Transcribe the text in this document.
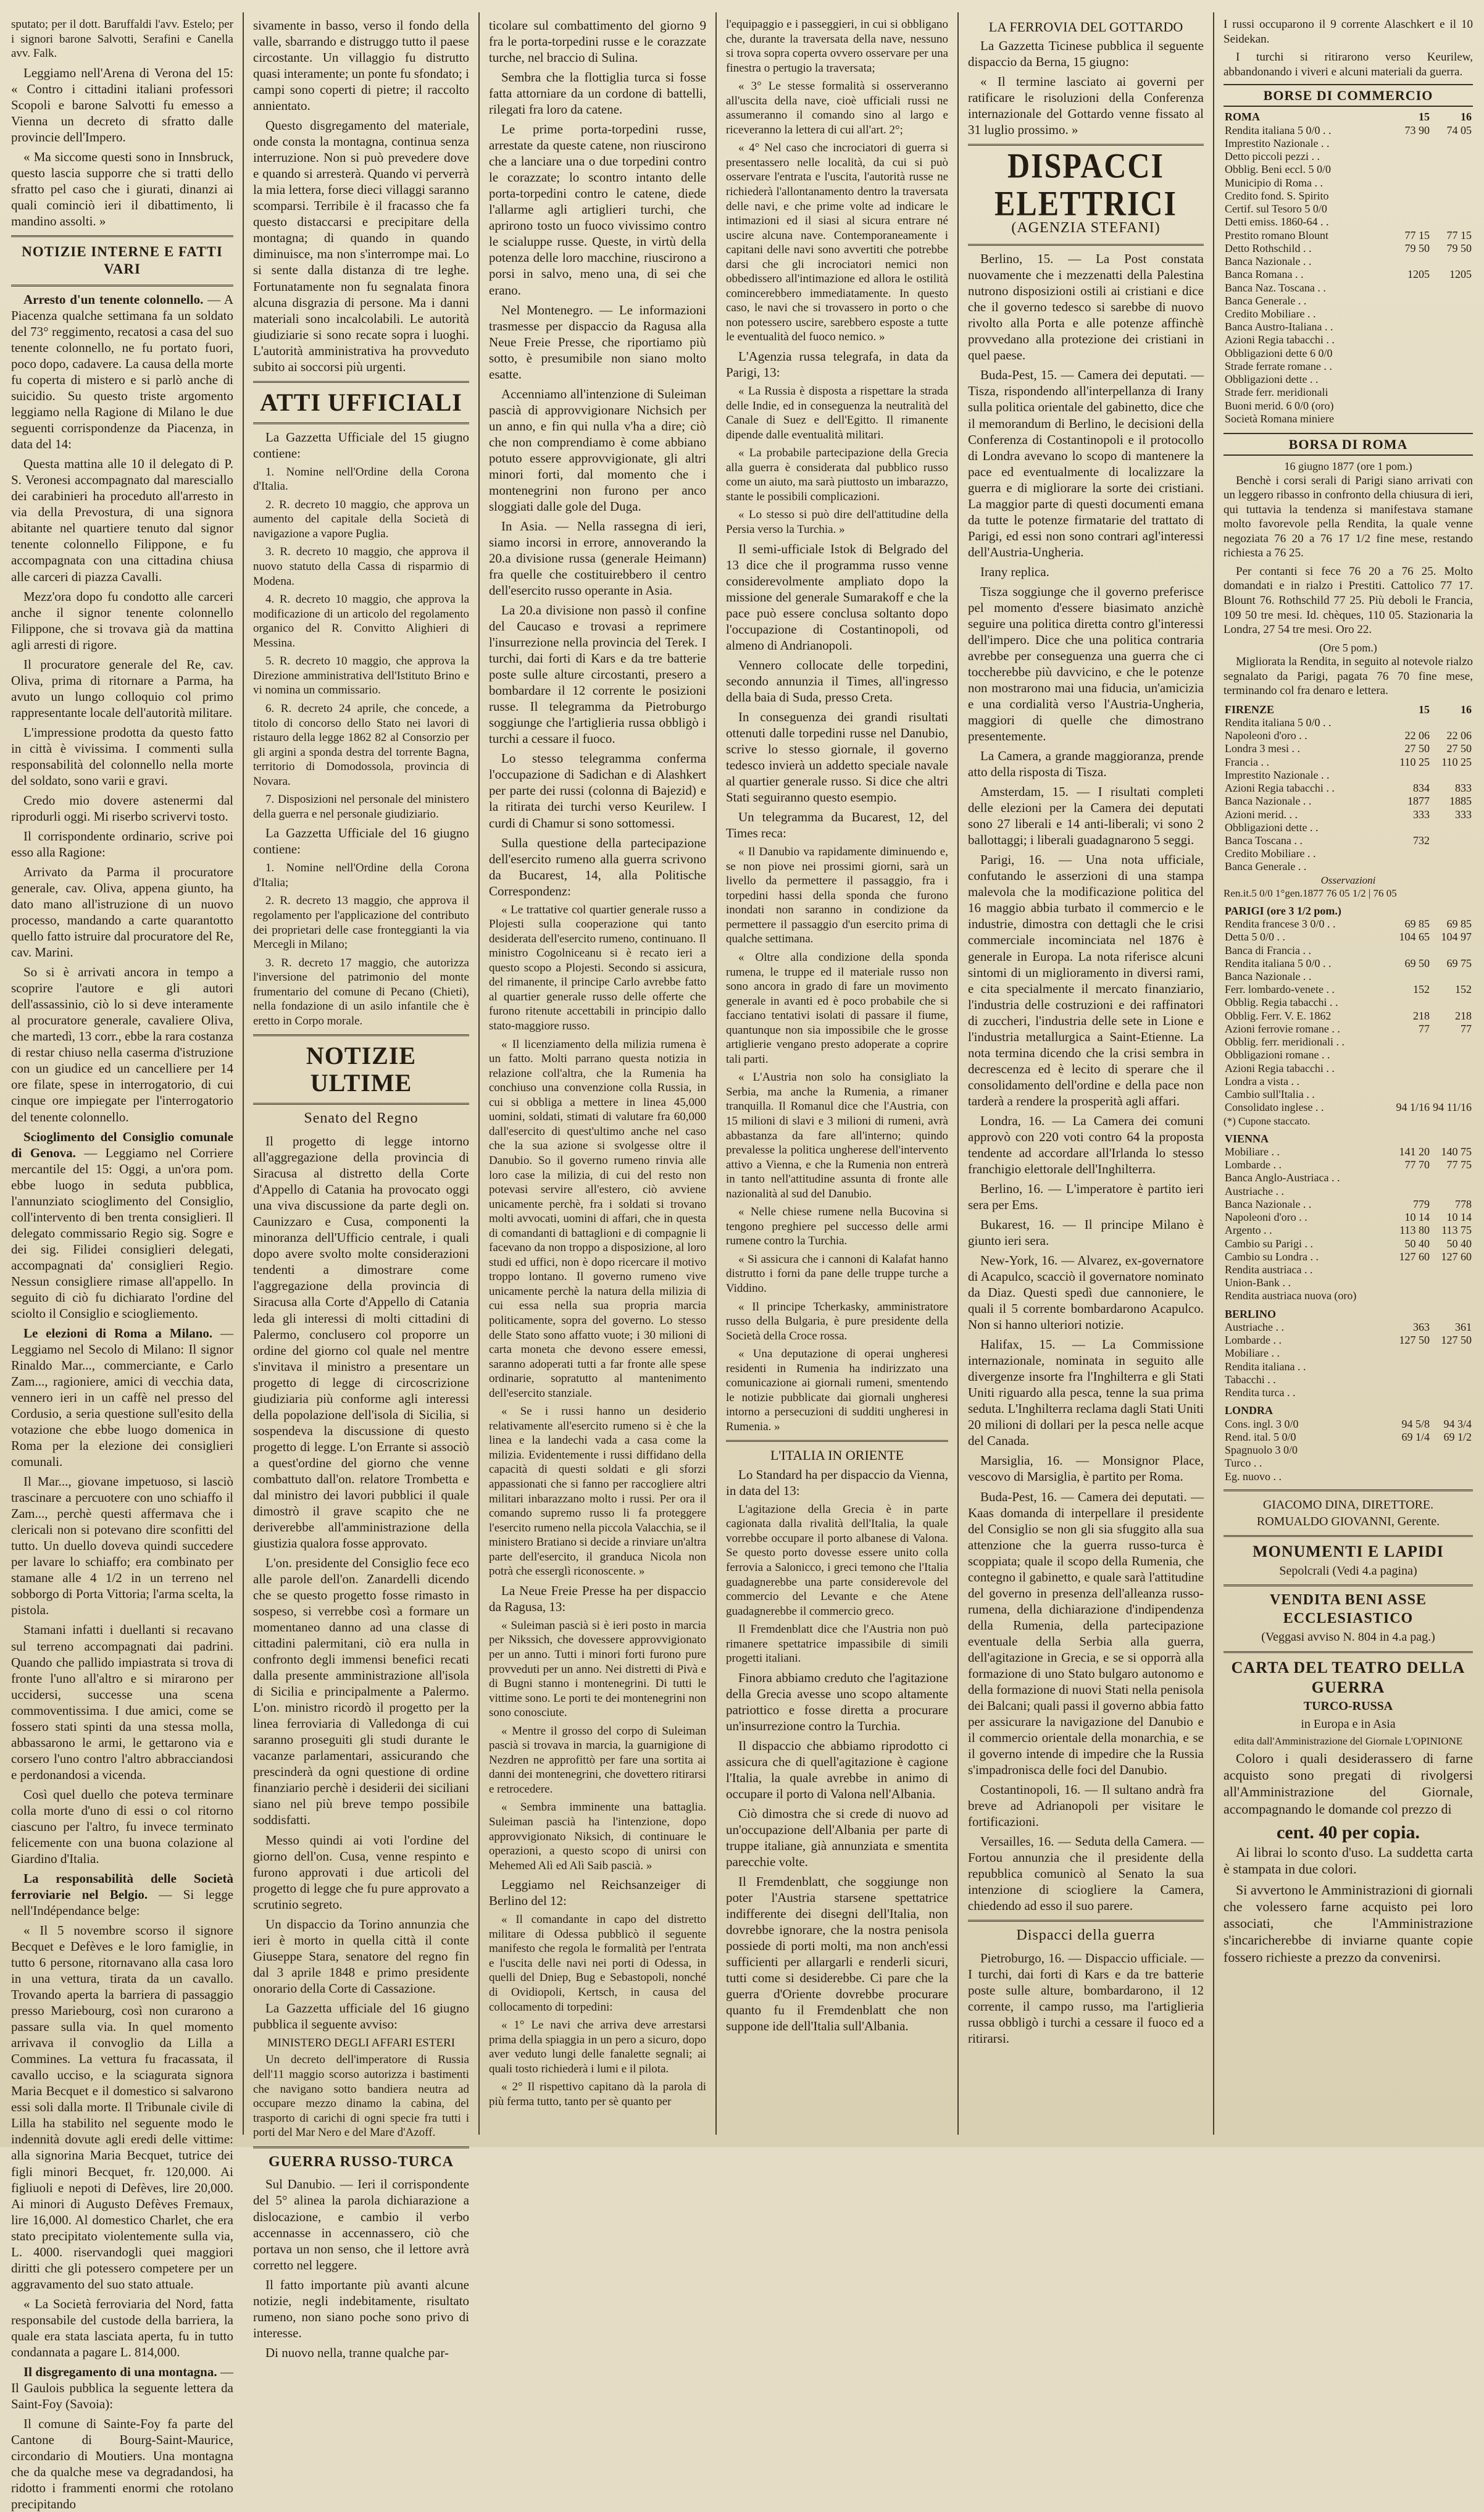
sputato; per il dott. Baruffaldi l'avv. Estelo; per i signori barone Salvotti, Serafini e Canella avv. Falk.

Leggiamo nell'Arena di Verona del 15: « Contro i cittadini italiani professori Scopoli e barone Salvotti fu emesso a Vienna un decreto di sfratto dalle provincie dell'Impero.

« Ma siccome questi sono in Innsbruck, questo lascia supporre che si tratti dello sfratto pel caso che i giurati, dinanzi ai quali cominciò ieri il dibattimento, li mandino assolti. »

NOTIZIE INTERNE E FATTI VARI

Arresto d'un tenente colonnello. — A Piacenza qualche settimana fa un soldato del 73° reggimento, recatosi a casa del suo tenente colonnello, ne fu portato fuori, poco dopo, cadavere. La causa della morte fu coperta di mistero e si parlò anche di suicidio. Su questo triste argomento leggiamo nella Ragione di Milano le due seguenti corrispondenze da Piacenza, in data del 14:

Questa mattina alle 10 il delegato di P. S. Veronesi accompagnato dal maresciallo dei carabinieri ha proceduto all'arresto in via della Prevostura, di una signora abitante nel quartiere tenuto dal signor tenente colonnello Filippone, e fu accompagnata con una cittadina chiusa alle carceri di piazza Cavalli.

Mezz'ora dopo fu condotto alle carceri anche il signor tenente colonnello Filippone, che si trovava già da mattina agli arresti di rigore.

Il procuratore generale del Re, cav. Oliva, prima di ritornare a Parma, ha avuto un lungo colloquio col primo rappresentante locale dell'autorità militare.

L'impressione prodotta da questo fatto in città è vivissima. I commenti sulla responsabilità del colonnello nella morte del soldato, sono varii e gravi.

Credo mio dovere astenermi dal riprodurli oggi. Mi riserbo scrivervi tosto.

Il corrispondente ordinario, scrive poi esso alla Ragione:

Arrivato da Parma il procuratore generale, cav. Oliva, appena giunto, ha dato mano all'istruzione di un nuovo processo, mandando a carte quarantotto quello fatto istruire dal procuratore del Re, cav. Marini.

So si è arrivati ancora in tempo a scoprire l'autore e gli autori dell'assassinio, ciò lo si deve interamente al procuratore generale, cavaliere Oliva, che martedì, 13 corr., ebbe la rara costanza di restar chiuso nella caserma d'istruzione con un giudice ed un cancelliere per 14 ore filate, spese in interrogatorio, di cui cinque ore impiegate per l'interrogatorio del tenente colonnello.

Scioglimento del Consiglio comunale di Genova. — Leggiamo nel Corriere mercantile del 15: Oggi, a un'ora pom. ebbe luogo in seduta pubblica, l'annunziato scioglimento del Consiglio, coll'intervento di ben trenta consiglieri. Il delegato commissario Regio sig. Sogre e dei sig. Filidei consiglieri delegati, accompagnati da' consiglieri Regio. Nessun consigliere rimase all'appello. In seguito di ciò fu dichiarato l'ordine del sciolto il Consiglio e sciogliemento.

Le elezioni di Roma a Milano. — Leggiamo nel Secolo di Milano: Il signor Rinaldo Mar..., commerciante, e Carlo Zam..., ragioniere, amici di vecchia data, vennero ieri in un caffè nel presso del Cordusio, a seria questione sull'esito della votazione che ebbe luogo domenica in Roma per la elezione dei consiglieri comunali.

Il Mar..., giovane impetuoso, si lasciò trascinare a percuotere con uno schiaffo il Zam..., perchè questi affermava che i clericali non si potevano dire sconfitti del tutto. Un duello doveva quindi succedere per lavare lo schiaffo; era combinato per stamane alle 4 1/2 in un terreno nel sobborgo di Porta Vittoria; l'arma scelta, la pistola.

Stamani infatti i duellanti si recavano sul terreno accompagnati dai padrini. Quando che pallido impiastrata si trova di fronte l'uno all'altro e si mirarono per uccidersi, successe una scena commoventissima. I due amici, come se fossero stati spinti da una stessa molla, abbassarono le armi, le gettarono via e corsero l'uno contro l'altro abbracciandosi e perdonandosi a vicenda.

Così quel duello che poteva terminare colla morte d'uno di essi o col ritorno ciascuno per l'altro, fu invece terminato felicemente con una buona colazione al Giardino d'Italia.

La responsabilità delle Società ferroviarie nel Belgio. — Si legge nell'Indépendance belge:

« Il 5 novembre scorso il signore Becquet e Defèves e le loro famiglie, in tutto 6 persone, ritornavano alla casa loro in una vettura, tirata da un cavallo. Trovando aperta la barriera di passaggio presso Mariebourg, così non curarono a passare sulla via. In quel momento arrivava il convoglio da Lilla a Commines. La vettura fu fracassata, il cavallo ucciso, e la sciagurata signora Maria Becquet e il domestico si salvarono essi soli dalla morte. Il Tribunale civile di Lilla ha stabilito nel seguente modo le indennità dovute agli eredi delle vittime: alla signorina Maria Becquet, tutrice dei figli minori Becquet, fr. 120,000. Ai figliuoli e nepoti di Defèves, lire 20,000. Ai minori di Augusto Defèves Fremaux, lire 16,000. Al domestico Charlet, che era stato precipitato violentemente sulla via, L. 4000. riservandogli quei maggiori diritti che gli potessero competere per un aggravamento del suo stato attuale.

« La Società ferroviaria del Nord, fatta responsabile del custode della barriera, la quale era stata lasciata aperta, fu in tutto condannata a pagare L. 814,000.

Il disgregamento di una montagna. — Il Gaulois pubblica la seguente lettera da Saint-Foy (Savoia):

Il comune di Sainte-Foy fa parte del Cantone di Bourg-Saint-Maurice, circondario di Moutiers. Una montagna che da qualche mese va degradandosi, ha ridotto i frammenti enormi che rotolano precipitando

sivamente in basso, verso il fondo della valle, sbarrando e distruggo tutto il paese circostante. Un villaggio fu distrutto quasi interamente; un ponte fu sfondato; i campi sono coperti di pietre; il raccolto annientato.

Questo disgregamento del materiale, onde consta la montagna, continua senza interruzione. Non si può prevedere dove e quando si arresterà. Quando vi perverrà la mia lettera, forse dieci villaggi saranno scomparsi. Terribile è il fracasso che fa questo distaccarsi e precipitare della montagna; di quando in quando diminuisce, ma non s'interrompe mai. Lo si sente dalla distanza di tre leghe. Fortunatamente non fu segnalata finora alcuna disgrazia di persone. Ma i danni materiali sono incalcolabili. Le autorità giudiziarie si sono recate sopra i luoghi. L'autorità amministrativa ha provveduto subito ai soccorsi più urgenti.

ATTI UFFICIALI

La Gazzetta Ufficiale del 15 giugno contiene:

1. Nomine nell'Ordine della Corona d'Italia.

2. R. decreto 10 maggio, che approva un aumento del capitale della Società di navigazione a vapore Puglia.

3. R. decreto 10 maggio, che approva il nuovo statuto della Cassa di risparmio di Modena.

4. R. decreto 10 maggio, che approva la modificazione di un articolo del regolamento organico del R. Convitto Alighieri di Messina.

5. R. decreto 10 maggio, che approva la Direzione amministrativa dell'Istituto Brino e vi nomina un commissario.

6. R. decreto 24 aprile, che concede, a titolo di concorso dello Stato nei lavori di ristauro della legge 1862 82 al Consorzio per gli argini a sponda destra del torrente Bagna, territorio di Domodossola, provincia di Novara.

7. Disposizioni nel personale del ministero della guerra e nel personale giudiziario.

La Gazzetta Ufficiale del 16 giugno contiene:

1. Nomine nell'Ordine della Corona d'Italia;

2. R. decreto 13 maggio, che approva il regolamento per l'applicazione del contributo dei proprietari delle case fronteggianti la via Mercegli in Milano;

3. R. decreto 17 maggio, che autorizza l'inversione del patrimonio del monte frumentario del comune di Pecano (Chieti), nella fondazione di un asilo infantile che è eretto in Corpo morale.

NOTIZIE ULTIME
Senato del Regno

Il progetto di legge intorno all'aggregazione della provincia di Siracusa al distretto della Corte d'Appello di Catania ha provocato oggi una viva discussione da parte degli on. Caunizzaro e Cusa, componenti la minoranza dell'Ufficio centrale, i quali dopo avere svolto molte considerazioni tendenti a dimostrare come l'aggregazione della provincia di Siracusa alla Corte d'Appello di Catania leda gli interessi di molti cittadini di Palermo, conclusero col proporre un ordine del giorno col quale nel mentre s'invitava il ministro a presentare un progetto di legge di circoscrizione giudiziaria più conforme agli interessi della popolazione dell'isola di Sicilia, si sospendeva la discussione di questo progetto di legge. L'on Errante si associò a quest'ordine del giorno che venne combattuto dall'on. relatore Trombetta e dal ministro dei lavori pubblici il quale dimostrò il grave scapito che ne deriverebbe all'amministrazione della giustizia qualora fosse approvato.

L'on. presidente del Consiglio fece eco alle parole dell'on. Zanardelli dicendo che se questo progetto fosse rimasto in sospeso, si verrebbe così a formare un momentaneo danno ad una classe di cittadini palermitani, ciò era nulla in confronto degli immensi benefici recati dalla presente amministrazione all'isola di Sicilia e principalmente a Palermo. L'on. ministro ricordò il progetto per la linea ferroviaria di Valledonga di cui saranno proseguiti gli studi durante le vacanze parlamentari, assicurando che prescinderà da ogni questione di ordine finanziario perchè i desiderii dei siciliani siano nel più breve tempo possibile soddisfatti.

Messo quindi ai voti l'ordine del giorno dell'on. Cusa, venne respinto e furono approvati i due articoli del progetto di legge che fu pure approvato a scrutinio segreto.

Un dispaccio da Torino annunzia che ieri è morto in quella città il conte Giuseppe Stara, senatore del regno fin dal 3 aprile 1848 e primo presidente onorario della Corte di Cassazione.

La Gazzetta ufficiale del 16 giugno pubblica il seguente avviso:

MINISTERO DEGLI AFFARI ESTERI

Un decreto dell'imperatore di Russia dell'11 maggio scorso autorizza i bastimenti che navigano sotto bandiera neutra ad occupare mezzo dinamo la cabina, del trasporto di carichi di ogni specie fra tutti i porti del Mar Nero e del Mare d'Azoff.

GUERRA RUSSO-TURCA

Sul Danubio. — Ieri il corrispondente del 5° alinea la parola dichiarazione a dislocazione, e cambio il verbo accennasse in accennassero, ciò che portava un non senso, che il lettore avrà corretto nel leggere.

Il fatto importante più avanti alcune notizie, negli indebitamente, risultato rumeno, non siano poche sono privo di interesse.

Di nuovo nella, tranne qualche par-

ticolare sul combattimento del giorno 9 fra le porta-torpedini russe e le corazzate turche, nel braccio di Sulina.

Sembra che la flottiglia turca si fosse fatta attorniare da un cordone di battelli, rilegati fra loro da catene.

Le prime porta-torpedini russe, arrestate da queste catene, non riuscirono che a lanciare una o due torpedini contro le corazzate; lo scontro intanto delle porta-torpedini contro le catene, diede l'allarme agli artiglieri turchi, che aprirono tosto un fuoco vivissimo contro le scialuppe russe. Queste, in virtù della potenza delle loro macchine, riuscirono a porsi in salvo, meno una, di sei che erano.

Nel Montenegro. — Le informazioni trasmesse per dispaccio da Ragusa alla Neue Freie Presse, che riportiamo più sotto, è presumibile non siano molto esatte.

Accenniamo all'intenzione di Suleiman pascià di approvvigionare Nichsich per un anno, e fin qui nulla v'ha a dire; ciò che non comprendiamo è come abbiano potuto essere approvvigionate, gli altri minori forti, dal momento che i montenegrini non furono per anco sloggiati dalle gole del Duga.

In Asia. — Nella rassegna di ieri, siamo incorsi in errore, annoverando la 20.a divisione russa (generale Heimann) fra quelle che costituirebbero il centro dell'esercito russo operante in Asia.

La 20.a divisione non passò il confine del Caucaso e trovasi a reprimere l'insurrezione nella provincia del Terek. I turchi, dai forti di Kars e da tre batterie poste sulle alture circostanti, presero a bombardare il 12 corrente le posizioni russe. Il telegramma da Pietroburgo soggiunge che l'artiglieria russa obbligò i turchi a cessare il fuoco.

Lo stesso telegramma conferma l'occupazione di Sadichan e di Alashkert per parte dei russi (colonna di Bajezid) e la ritirata dei turchi verso Keurilew. I curdi di Chamur si sono sottomessi.

Sulla questione della partecipazione dell'esercito rumeno alla guerra scrivono da Bucarest, 14, alla Politische Correspondenz:

« Le trattative col quartier generale russo a Plojesti sulla cooperazione qui tanto desiderata dell'esercito rumeno, continuano. Il ministro Cogolniceanu si è recato ieri a questo scopo a Plojesti. Secondo si assicura, del rimanente, il principe Carlo avrebbe fatto al quartier generale russo delle offerte che furono ritenute accettabili in principio dallo stato-maggiore russo.

« Il licenziamento della milizia rumena è un fatto. Molti parrano questa notizia in relazione coll'altra, che la Rumenia ha conchiuso una convenzione colla Russia, in cui si obbliga a mettere in linea 45,000 uomini, soldati, stimati di valutare fra 60,000 dall'esercito di quest'ultimo anche nel caso che la sua azione si svolgesse oltre il Danubio. So il governo rumeno rinvia alle loro case la milizia, di cui del resto non potevasi servire all'estero, ciò avviene unicamente perchè, fra i soldati si trovano molti avvocati, uomini di affari, che in questa di comandanti di battaglioni e di compagnie li facevano da non troppo a disposizione, al loro studi ed uffici, non è dopo ricercare il motivo troppo lontano. Il governo rumeno vive unicamente perchè la natura della milizia di cui essa nella sua propria marcia politicamente, sopra del governo. Lo stesso delle Stato sono affatto vuote; i 30 milioni di carta moneta che devono essere emessi, saranno adoperati tutti a far fronte alle spese ordinarie, sopratutto al mantenimento dell'esercito stanziale.

« Se i russi hanno un desiderio relativamente all'esercito rumeno si è che la linea e la landechi vada a casa come la milizia. Evidentemente i russi diffidano della capacità di questi soldati e gli sforzi appassionati che si fanno per raccogliere altri militari inbarazzano molto i russi. Per ora il comando supremo russo li fa proteggere l'esercito rumeno nella piccola Valacchia, se il ministero Bratiano si decide a rinviare un'altra parte dell'esercito, il granduca Nicola non potrà che esserglì riconoscente. »

La Neue Freie Presse ha per dispaccio da Ragusa, 13:

« Suleiman pascià si è ieri posto in marcia per Nikssich, che dovessere approvvigionato per un anno. Tutti i minori forti furono pure provveduti per un anno. Nei distretti di Pivà e di Bugni stanno i montenegrini. Di tutti le vittime sono. Le porti te dei montenegrini non sono conosciute.

« Mentre il grosso del corpo di Suleiman pascià si trovava in marcia, la guarnigione di Nezdren ne approfittò per fare una sortita ai danni dei montenegrini, che dovettero ritirarsi e retrocedere.

« Sembra imminente una battaglia. Suleiman pascià ha l'intenzione, dopo approvvigionato Niksich, di continuare le operazioni, a questo scopo di unirsi con Mehemed Alì ed Alì Saib pascià. »

Leggiamo nel Reichsanzeiger di Berlino del 12:

« Il comandante in capo del distretto militare di Odessa pubblicò il seguente manifesto che regola le formalità per l'entrata e l'uscita delle navi nei porti di Odessa, in quelli del Dniep, Bug e Sebastopoli, nonché di Ovidiopoli, Kertsch, in causa del collocamento di torpedini:

« 1° Le navi che arriva deve arrestarsi prima della spiaggia in un pero a sicuro, dopo aver veduto lungi delle fanalette segnali; ai quali tosto richiederà i lumi e il pilota.

« 2° Il rispettivo capitano dà la parola di più ferma tutto, tanto per sè quanto per

l'equipaggio e i passeggieri, in cui si obbligano che, durante la traversata della nave, nessuno si trova sopra coperta ovvero osservare per una finestra o pertugio la traversata;

« 3° Le stesse formalità si osserveranno all'uscita della nave, cioè ufficiali russi ne assumeranno il comando sino al largo e riceveranno la lettera di cui all'art. 2°;

« 4° Nel caso che incrociatori di guerra si presentassero nelle località, da cui si può osservare l'entrata e l'uscita, l'autorità russe ne richiederà l'allontanamento dentro la traversata delle navi, e che prime volte ad indicare le intimazioni ed il siasi al sicura entrare né uscire alcuna nave. Contemporaneamente i capitani delle navi sono avvertiti che potrebbe darsi che gli incrociatori nemici non obbedissero all'intimazione ed allora le ostilità comincerebbero immediatamente. In questo caso, le navi che si trovassero in porto o che non potessero uscire, sarebbero esposte a tutte le eventualità del fuoco nemico. »

L'Agenzia russa telegrafa, in data da Parigi, 13:

« La Russia è disposta a rispettare la strada delle Indie, ed in conseguenza la neutralità del Canale di Suez e dell'Egitto. Il rimanente dipende dalle eventualità militari.

« La probabile partecipazione della Grecia alla guerra è considerata dal pubblico russo come un aiuto, ma sarà piuttosto un imbarazzo, stante le possibili complicazioni.

« Lo stesso si può dire dell'attitudine della Persia verso la Turchia. »

Il semi-ufficiale Istok di Belgrado del 13 dice che il programma russo venne considerevolmente ampliato dopo la missione del generale Sumarakoff e che la pace può essere conclusa soltanto dopo l'occupazione di Costantinopoli, od almeno di Andrianopoli.

Vennero collocate delle torpedini, secondo annunzia il Times, all'ingresso della baia di Suda, presso Creta.

In conseguenza dei grandi risultati ottenuti dalle torpedini russe nel Danubio, scrive lo stesso giornale, il governo tedesco invierà un addetto speciale navale al quartier generale russo. Si dice che altri Stati seguiranno questo esempio.

Un telegramma da Bucarest, 12, del Times reca:

« Il Danubio va rapidamente diminuendo e, se non piove nei prossimi giorni, sarà un livello da permettere il passaggio, fra i torpedini hassi della sponda che furono inondati non saranno in condizione da permettere il passaggio d'un esercito prima di qualche settimana.

« Oltre alla condizione della sponda rumena, le truppe ed il materiale russo non sono ancora in grado di fare un movimento generale in avanti ed è poco probabile che si facciano tentativi isolati di passare il fiume, quantunque non sia impossibile che le grosse artiglierie vengano presto adoperate a coprire tali parti.

« L'Austria non solo ha consigliato la Serbia, ma anche la Rumenia, a rimaner tranquilla. Il Romanul dice che l'Austria, con 15 milioni di slavi e 3 milioni di rumeni, avrà abbastanza da fare all'interno; quindo prevalesse la politica ungherese dell'intervento attivo a Vienna, e che la Rumenia non entrerà in tanto nell'attitudine assunta di fronte alle nazionalità al sud del Danubio.

« Nelle chiese rumene nella Bucovina si tengono preghiere pel successo delle armi rumene contro la Turchia.

« Si assicura che i cannoni di Kalafat hanno distrutto i forni da pane delle truppe turche a Viddino.

« Il principe Tcherkasky, amministratore russo della Bulgaria, è pure presidente della Società della Croce rossa.

« Una deputazione di operai ungheresi residenti in Rumenia ha indirizzato una comunicazione ai giornali rumeni, smentendo le notizie pubblicate dai giornali ungheresi intorno a persecuzioni di sudditi ungheresi in Rumenia. »

L'ITALIA IN ORIENTE

Lo Standard ha per dispaccio da Vienna, in data del 13:

L'agitazione della Grecia è in parte cagionata dalla rivalità dell'Italia, la quale vorrebbe occupare il porto albanese di Valona. Se questo porto dovesse essere unito colla ferrovia a Salonicco, i greci temono che l'Italia guadagnerebbe una parte considerevole del commercio del Levante e che Atene guadagnerebbe il commercio greco.

Il Fremdenblatt dice che l'Austria non può rimanere spettatrice impassibile di simili progetti italiani.

Finora abbiamo creduto che l'agitazione della Grecia avesse uno scopo altamente patriottico e fosse diretta a procurare un'insurrezione contro la Turchia.

Il dispaccio che abbiamo riprodotto ci assicura che di quell'agitazione è cagione l'Italia, la quale avrebbe in animo di occupare il porto di Valona nell'Albania.

Ciò dimostra che si crede di nuovo ad un'occupazione dell'Albania per parte di truppe italiane, già annunziata e smentita parecchie volte.

Il Fremdenblatt, che soggiunge non poter l'Austria starsene spettatrice indifferente dei disegni dell'Italia, non dovrebbe ignorare, che la nostra penisola possiede di porti molti, ma non anch'essi sufficienti per allargarli e renderli sicuri, tutti come si desiderebbe. Ci pare che la guerra d'Oriente dovrebbe procurare quanto fu il Fremdenblatt che non suppone ide dell'Italia sull'Albania.

LA FERROVIA DEL GOTTARDO

La Gazzetta Ticinese pubblica il seguente dispaccio da Berna, 15 giugno:

« Il termine lasciato ai governi per ratificare le risoluzioni della Conferenza internazionale del Gottardo venne fissato al 31 luglio prossimo. »

DISPACCI ELETTRICI
(AGENZIA STEFANI)

Berlino, 15. — La Post constata nuovamente che i mezzenatti della Palestina nutrono disposizioni ostili ai cristiani e dice che il governo tedesco si sarebbe di nuovo rivolto alla Porta e alle potenze affinchè provvedano alla protezione dei cristiani in quel paese.

Buda-Pest, 15. — Camera dei deputati. — Tisza, rispondendo all'interpellanza di Irany sulla politica orientale del gabinetto, dice che il memorandum di Berlino, le decisioni della Conferenza di Costantinopoli e il protocollo di Londra avevano lo scopo di mantenere la pace ed eventualmente di localizzare la guerra e di migliorare la sorte dei cristiani. La maggior parte di questi documenti emana da tutte le potenze firmatarie del trattato di Parigi, ed essi non sono contrari agl'interessi dell'Austria-Ungheria.

Irany replica.

Tisza soggiunge che il governo preferisce pel momento d'essere biasimato anzichè seguire una politica diretta contro gl'interessi dell'impero. Dice che una politica contraria avrebbe per conseguenza una guerra che ci toccherebbe più davvicino, e che le potenze non mostrarono mai una fiducia, un'amicizia e una cordialità verso l'Austria-Ungheria, maggiori di quelle che dimostrano presentemente.

La Camera, a grande maggioranza, prende atto della risposta di Tisza.

Amsterdam, 15. — I risultati completi delle elezioni per la Camera dei deputati sono 27 liberali e 14 anti-liberali; vi sono 2 ballottaggi; i liberali guadagnarono 5 seggi.

Parigi, 16. — Una nota ufficiale, confutando le asserzioni di una stampa malevola che la modificazione politica del 16 maggio abbia turbato il commercio e le industrie, dimostra con dettagli che le crisi commerciale incominciata nel 1876 è generale in Europa. La nota riferisce alcuni sintomi di un miglioramento in diversi rami, e cita specialmente il mercato finanziario, l'industria delle costruzioni e dei raffinatori di zuccheri, l'industria delle sete in Lione e l'industria metallurgica a Saint-Etienne. La nota termina dicendo che la crisi sembra in decrescenza ed è lecito di sperare che il consolidamento dell'ordine e della pace non tarderà a rendere la prosperità agli affari.

Londra, 16. — La Camera dei comuni approvò con 220 voti contro 64 la proposta tendente ad accordare all'Irlanda lo stesso franchigio elettorale dell'Inghilterra.

Berlino, 16. — L'imperatore è partito ieri sera per Ems.

Bukarest, 16. — Il principe Milano è giunto ieri sera.

New-York, 16. — Alvarez, ex-governatore di Acapulco, scacciò il governatore nominato da Diaz. Questi spedì due cannoniere, le quali il 5 corrente bombardarono Acapulco. Non si hanno ulteriori notizie.

Halifax, 15. — La Commissione internazionale, nominata in seguito alle divergenze insorte fra l'Inghilterra e gli Stati Uniti riguardo alla pesca, tenne la sua prima seduta. L'Inghilterra reclama dagli Stati Uniti 20 milioni di dollari per la pesca nelle acque del Canada.

Marsiglia, 16. — Monsignor Place, vescovo di Marsiglia, è partito per Roma.

Buda-Pest, 16. — Camera dei deputati. — Kaas domanda di interpellare il presidente del Consiglio se non gli sia sfuggito alla sua attenzione che la guerra russo-turca è scoppiata; quale il scopo della Rumenia, che contegno il gabinetto, e quale sarà l'attitudine del governo in presenza dell'alleanza russo-rumena, della dichiarazione d'indipendenza della Rumenia, della partecipazione eventuale della Serbia alla guerra, dell'agitazione in Grecia, e se si opporrà alla formazione di uno Stato bulgaro autonomo e della formazione di nuovi Stati nella penisola dei Balcani; quali passi il governo abbia fatto per assicurare la navigazione del Danubio e il commercio orientale della monarchia, e se il governo intende di impedire che la Russia s'impadronisca delle foci del Danubio.

Costantinopoli, 16. — Il sultano andrà fra breve ad Adrianopoli per visitare le fortificazioni.

Versailles, 16. — Seduta della Camera. — Fortou annunzia che il presidente della repubblica comunicò al Senato la sua intenzione di sciogliere la Camera, chiedendo ad esso il suo parere.

Dispacci della guerra

Pietroburgo, 16. — Dispaccio ufficiale. — I turchi, dai forti di Kars e da tre batterie poste sulle alture, bombardarono, il 12 corrente, il campo russo, ma l'artiglieria russa obbligò i turchi a cessare il fuoco ed a ritirarsi.

I russi occuparono il 9 corrente Alaschkert e il 10 Seidekan.

I turchi si ritirarono verso Keurilew, abbandonando i viveri e alcuni materiali da guerra.

BORSE DI COMMERCIO
ROMA	15	16
Rendita italiana 5 0/0 . .	73 90	74 05
Imprestito Nazionale . .		
Detto piccoli pezzi . .		
Obblig. Beni eccl. 5 0/0		
Municipio di Roma . .		
Credito fond. S. Spirito		
Certif. sul Tesoro 5 0/0		
Detti emiss. 1860-64 . .		
Prestito romano Blount	77 15	77 15
Detto Rothschild . .	79 50	79 50
Banca Nazionale . .		
Banca Romana . .	1205	1205
Banca Naz. Toscana . .		
Banca Generale . .		
Credito Mobiliare . .		
Banca Austro-Italiana . .		
Azioni Regia tabacchi . .		
Obbligazioni dette 6 0/0		
Strade ferrate romane . .		
Obbligazioni dette . .		
Strade ferr. meridionali		
Buoni merid. 6 0/0 (oro)		
Società Romana miniere		
BORSA DI ROMA
16 giugno 1877 (ore 1 pom.)

Benchè i corsi serali di Parigi siano arrivati con un leggero ribasso in confronto della chiusura di ieri, qui tuttavia la tendenza si manifestava stamane molto favorevole pella Rendita, la quale venne negoziata 76 20 a 76 17 1/2 fine mese, restando richiesta a 76 25.

Per contanti si fece 76 20 a 76 25. Molto domandati e in rialzo i Prestiti. Cattolico 77 17. Blount 76. Rothschild 77 25. Più deboli le Francia, 109 50 tre mesi. Id. chèques, 110 05. Stazionaria la Londra, 27 54 tre mesi. Oro 22.

(Ore 5 pom.)

Migliorata la Rendita, in seguito al notevole rialzo segnalato da Parigi, pagata 76 70 fine mese, terminando col fra denaro e lettera.

FIRENZE	15	16
Rendita italiana 5 0/0 . .		
Napoleoni d'oro . .	22 06	22 06
Londra 3 mesi . .	27 50	27 50
Francia . .	110 25	110 25
Imprestito Nazionale . .		
Azioni Regia tabacchi . .	834	833
Banca Nazionale . .	1877	1885
Azioni merid. . .	333	333
Obbligazioni dette . .		
Banca Toscana . .	732	
Credito Mobiliare . .		
Banca Generale . .		
Osservazioni
Ren.it.5 0/0 1°gen.1877 76 05 1/2 | 76 05
PARIGI (ore 3 1/2 pom.)		
Rendita francese 3 0/0 . .	69 85	69 85
Detta 5 0/0 . .	104 65	104 97
Banca di Francia . .		
Rendita italiana 5 0/0 . .	69 50	69 75
Banca Nazionale . .		
Ferr. lombardo-venete . .	152	152
Obblig. Regia tabacchi . .		
Obblig. Ferr. V. E. 1862	218	218
Azioni ferrovie romane . .	77	77
Obblig. ferr. meridionali . .		
Obbligazioni romane . .		
Azioni Regia tabacchi . .		
Londra a vista . .		
Cambio sull'Italia . .		
Consolidato inglese . .	94 1/16	94 11/16
(*) Cupone staccato.
VIENNA		
Mobiliare . .	141 20	140 75
Lombarde . .	77 70	77 75
Banca Anglo-Austriaca . .		
Austriache . .		
Banca Nazionale . .	779	778
Napoleoni d'oro . .	10 14	10 14
Argento . .	113 80	113 75
Cambio su Parigi . .	50 40	50 40
Cambio su Londra . .	127 60	127 60
Rendita austriaca . .		
Union-Bank . .		
Rendita austriaca nuova (oro)		
BERLINO		
Austriache . .	363	361
Lombarde . .	127 50	127 50
Mobiliare . .		
Rendita italiana . .		
Tabacchi . .		
Rendita turca . .		
LONDRA		
Cons. ingl. 3 0/0	94 5/8	94 3/4
Rend. ital. 5 0/0	69 1/4	69 1/2
Spagnuolo 3 0/0		
Turco . .		
Eg. nuovo . .		
GIACOMO DINA, DIRETTORE.
ROMUALDO GIOVANNI, Gerente.
MONUMENTI E LAPIDI
Sepolcrali (Vedi 4.a pagina)
VENDITA BENI ASSE ECCLESIASTICO
(Veggasi avviso N. 804 in 4.a pag.)
CARTA DEL TEATRO DELLA GUERRA
TURCO-RUSSA
in Europa e in Asia
edita dall'Amministrazione del Giornale L'OPINIONE

Coloro i quali desiderassero di farne acquisto sono pregati di rivolgersi all'Amministrazione del Giornale, accompagnando le domande col prezzo di

cent. 40 per copia.

Ai librai lo sconto d'uso. La suddetta carta è stampata in due colori.

Si avvertono le Amministrazioni di giornali che volessero farne acquisto pei loro associati, che l'Amministrazione s'incaricherebbe di inviarne quante copie fossero richieste a prezzo da convenirsi.
